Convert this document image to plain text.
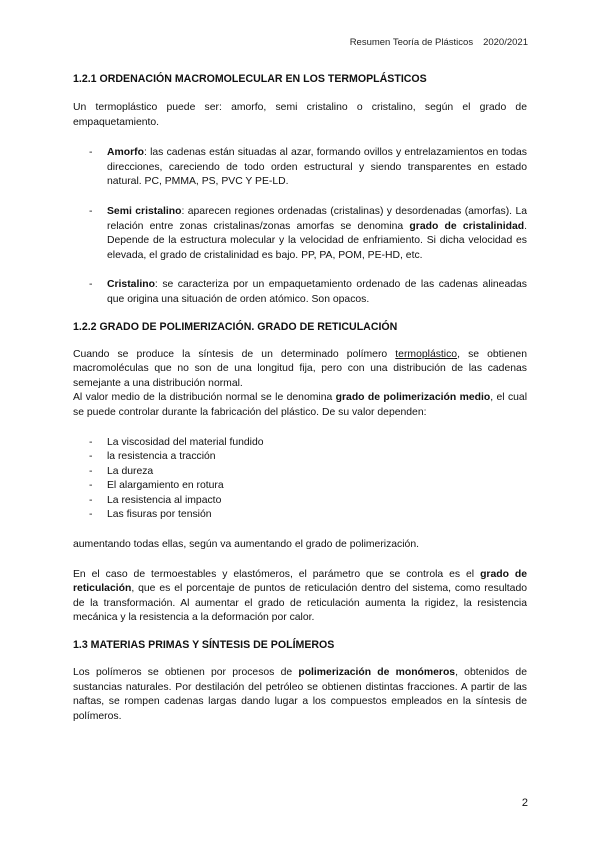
Resumen Teoría de Plásticos 2020/2021
1.2.1 ORDENACIÓN MACROMOLECULAR EN LOS TERMOPLÁSTICOS

Un termoplástico puede ser: amorfo, semi cristalino o cristalino, según el grado de empaquetamiento.

- Amorfo: las cadenas están situadas al azar, formando ovillos y entrelazamientos en todas direcciones, careciendo de todo orden estructural y siendo transparentes en estado natural. PC, PMMA, PS, PVC Y PE-LD.
- Semi cristalino: aparecen regiones ordenadas (cristalinas) y desordenadas (amorfas). La relación entre zonas cristalinas/zonas amorfas se denomina grado de cristalinidad. Depende de la estructura molecular y la velocidad de enfriamiento. Si dicha velocidad es elevada, el grado de cristalinidad es bajo. PP, PA, POM, PE-HD, etc.
- Cristalino: se caracteriza por un empaquetamiento ordenado de las cadenas alineadas que origina una situación de orden atómico. Son opacos.
1.2.2 GRADO DE POLIMERIZACIÓN. GRADO DE RETICULACIÓN

Cuando se produce la síntesis de un determinado polímero termoplástico, se obtienen macromoléculas que no son de una longitud fija, pero con una distribución de las cadenas semejante a una distribución normal.

Al valor medio de la distribución normal se le denomina grado de polimerización medio, el cual se puede controlar durante la fabricación del plástico. De su valor dependen:

- La viscosidad del material fundido
- la resistencia a tracción
- La dureza
- El alargamiento en rotura
- La resistencia al impacto
- Las fisuras por tensión

aumentando todas ellas, según va aumentando el grado de polimerización.

En el caso de termoestables y elastómeros, el parámetro que se controla es el grado de reticulación, que es el porcentaje de puntos de reticulación dentro del sistema, como resultado de la transformación. Al aumentar el grado de reticulación aumenta la rigidez, la resistencia mecánica y la resistencia a la deformación por calor.

1.3 MATERIAS PRIMAS Y SÍNTESIS DE POLÍMEROS

Los polímeros se obtienen por procesos de polimerización de monómeros, obtenidos de sustancias naturales. Por destilación del petróleo se obtienen distintas fracciones. A partir de las naftas, se rompen cadenas largas dando lugar a los compuestos empleados en la síntesis de polímeros.

2
